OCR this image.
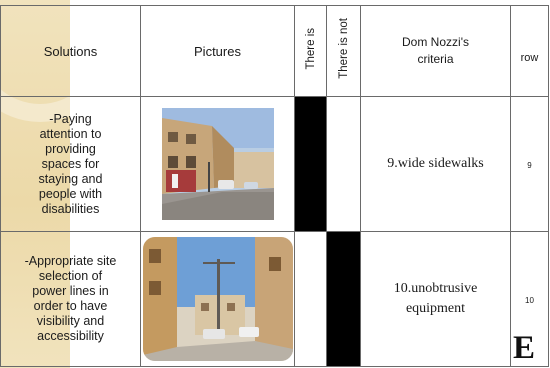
Solutions	Pictures	There is	There is not	Dom Nozzi's criteria	row

-Paying attention to providing spaces for staying and people with disabilities				9.wide sidewalks	9

-Appropriate site selection of power lines in order to have visibility and accessibility				10.unobtrusive equipment	10
E
